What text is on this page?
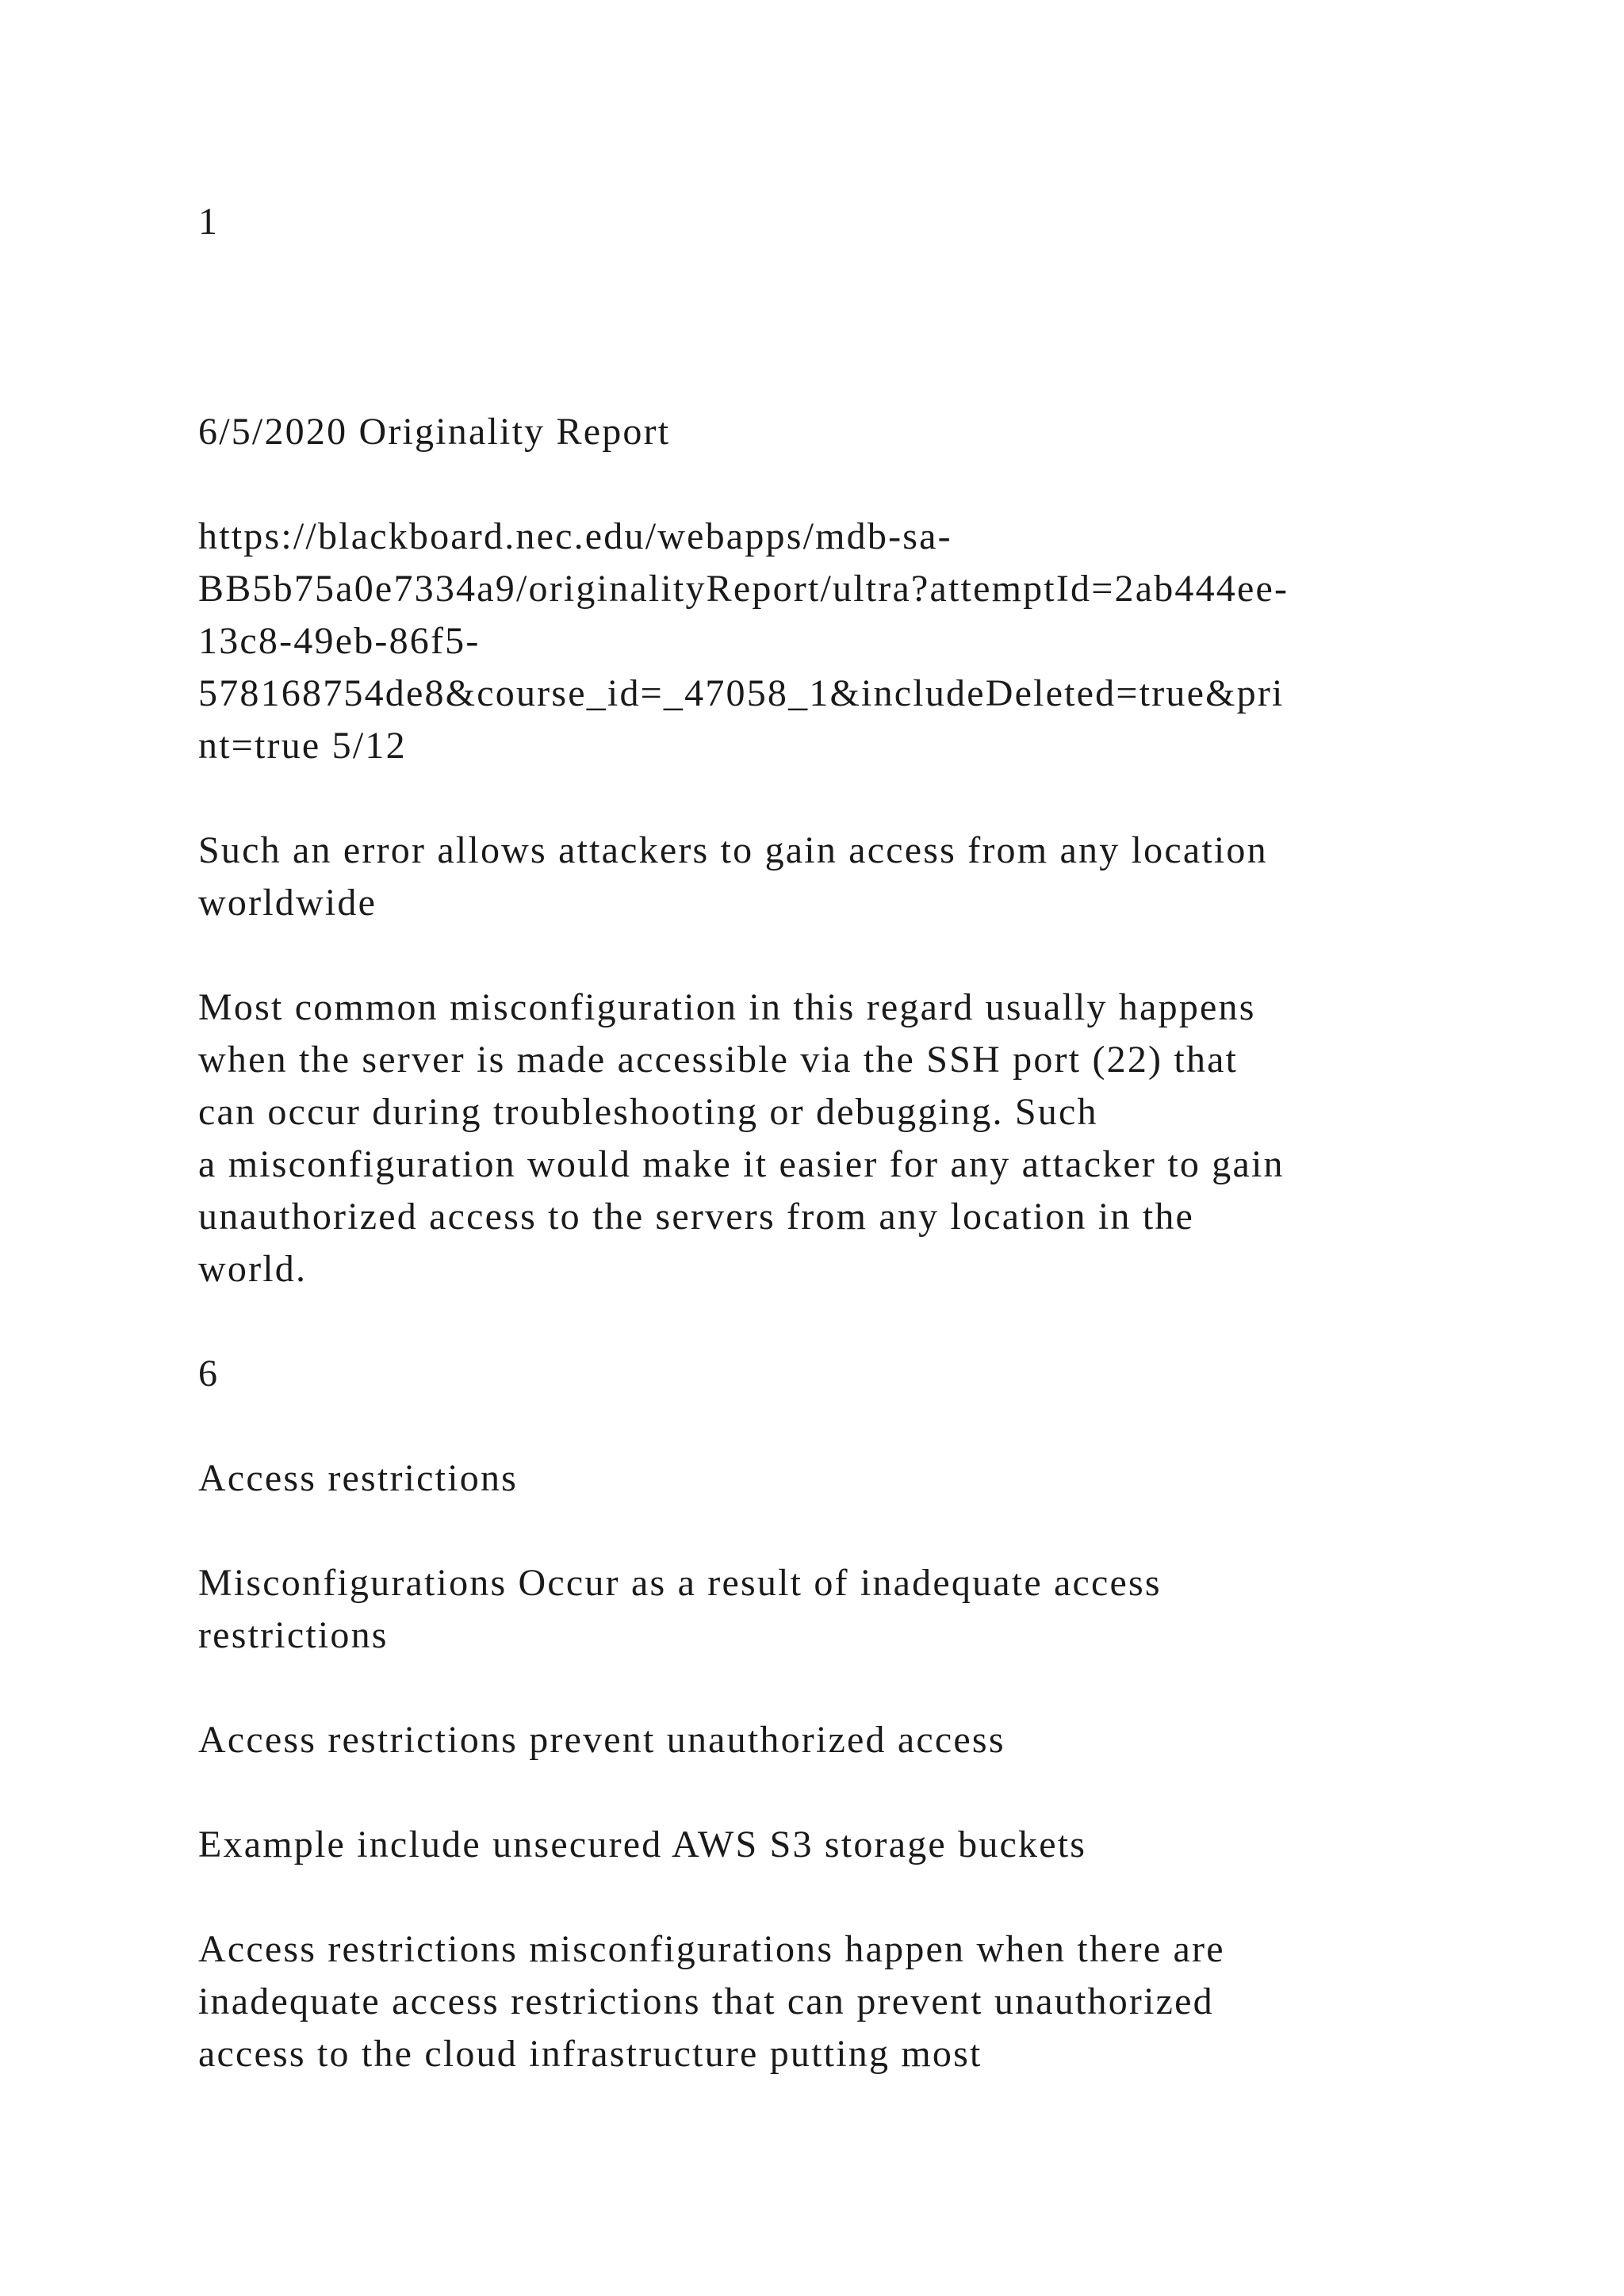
1
6/5/2020 Originality Report
https://blackboard.nec.edu/webapps/mdb-sa-
BB5b75a0e7334a9/originalityReport/ultra?attemptId=2ab444ee-
13c8-49eb-86f5-
578168754de8&course_id=_47058_1&includeDeleted=true&pri
nt=true 5/12
Such an error allows attackers to gain access from any location
worldwide
Most common misconfiguration in this regard usually happens
when the server is made accessible via the SSH port (22) that
can occur during troubleshooting or debugging. Such
a misconfiguration would make it easier for any attacker to gain
unauthorized access to the servers from any location in the
world.
6
Access restrictions
Misconfigurations Occur as a result of inadequate access
restrictions
Access restrictions prevent unauthorized access
Example include unsecured AWS S3 storage buckets
Access restrictions misconfigurations happen when there are
inadequate access restrictions that can prevent unauthorized
access to the cloud infrastructure putting most
